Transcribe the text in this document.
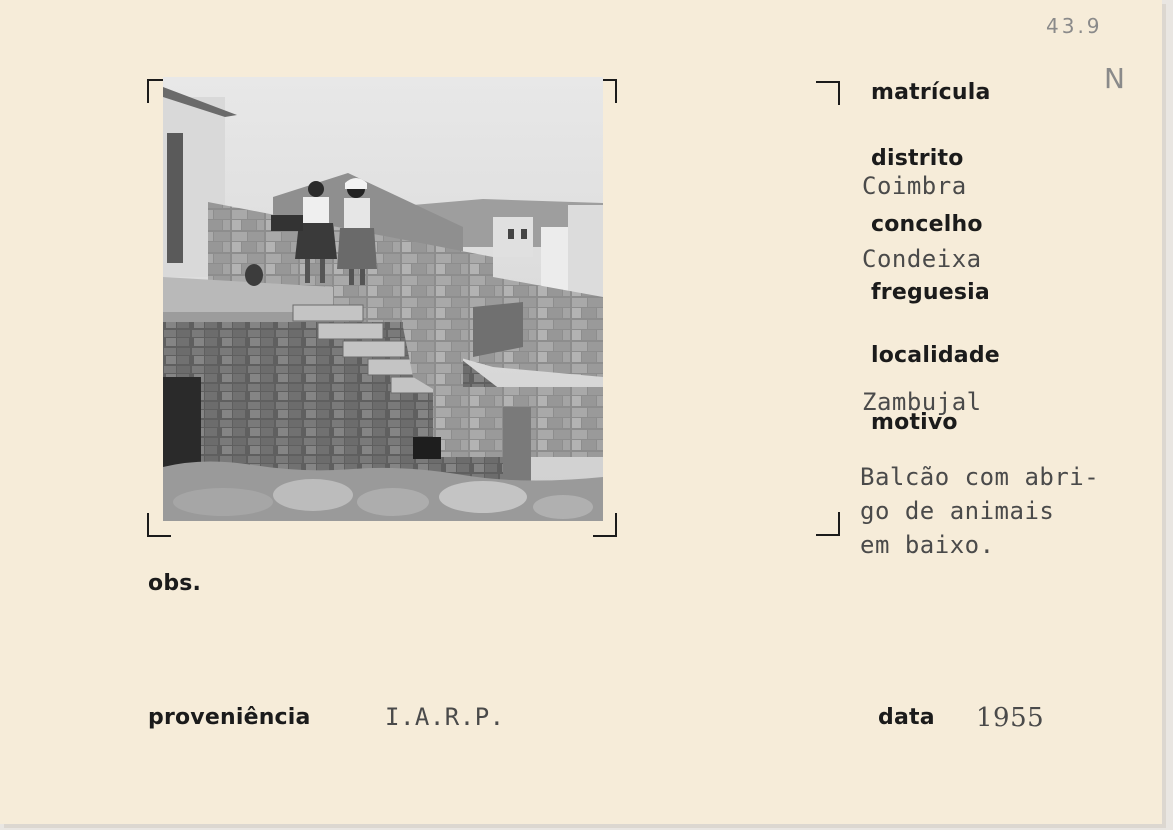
43.9
N
matrícula
distrito
Coimbra
concelho
Condeixa
freguesia
localidade
Zambujal
motivo
Balcão com abri-
go de animais
em baixo.
obs.
proveniência	I.A.R.P.	data 1955
